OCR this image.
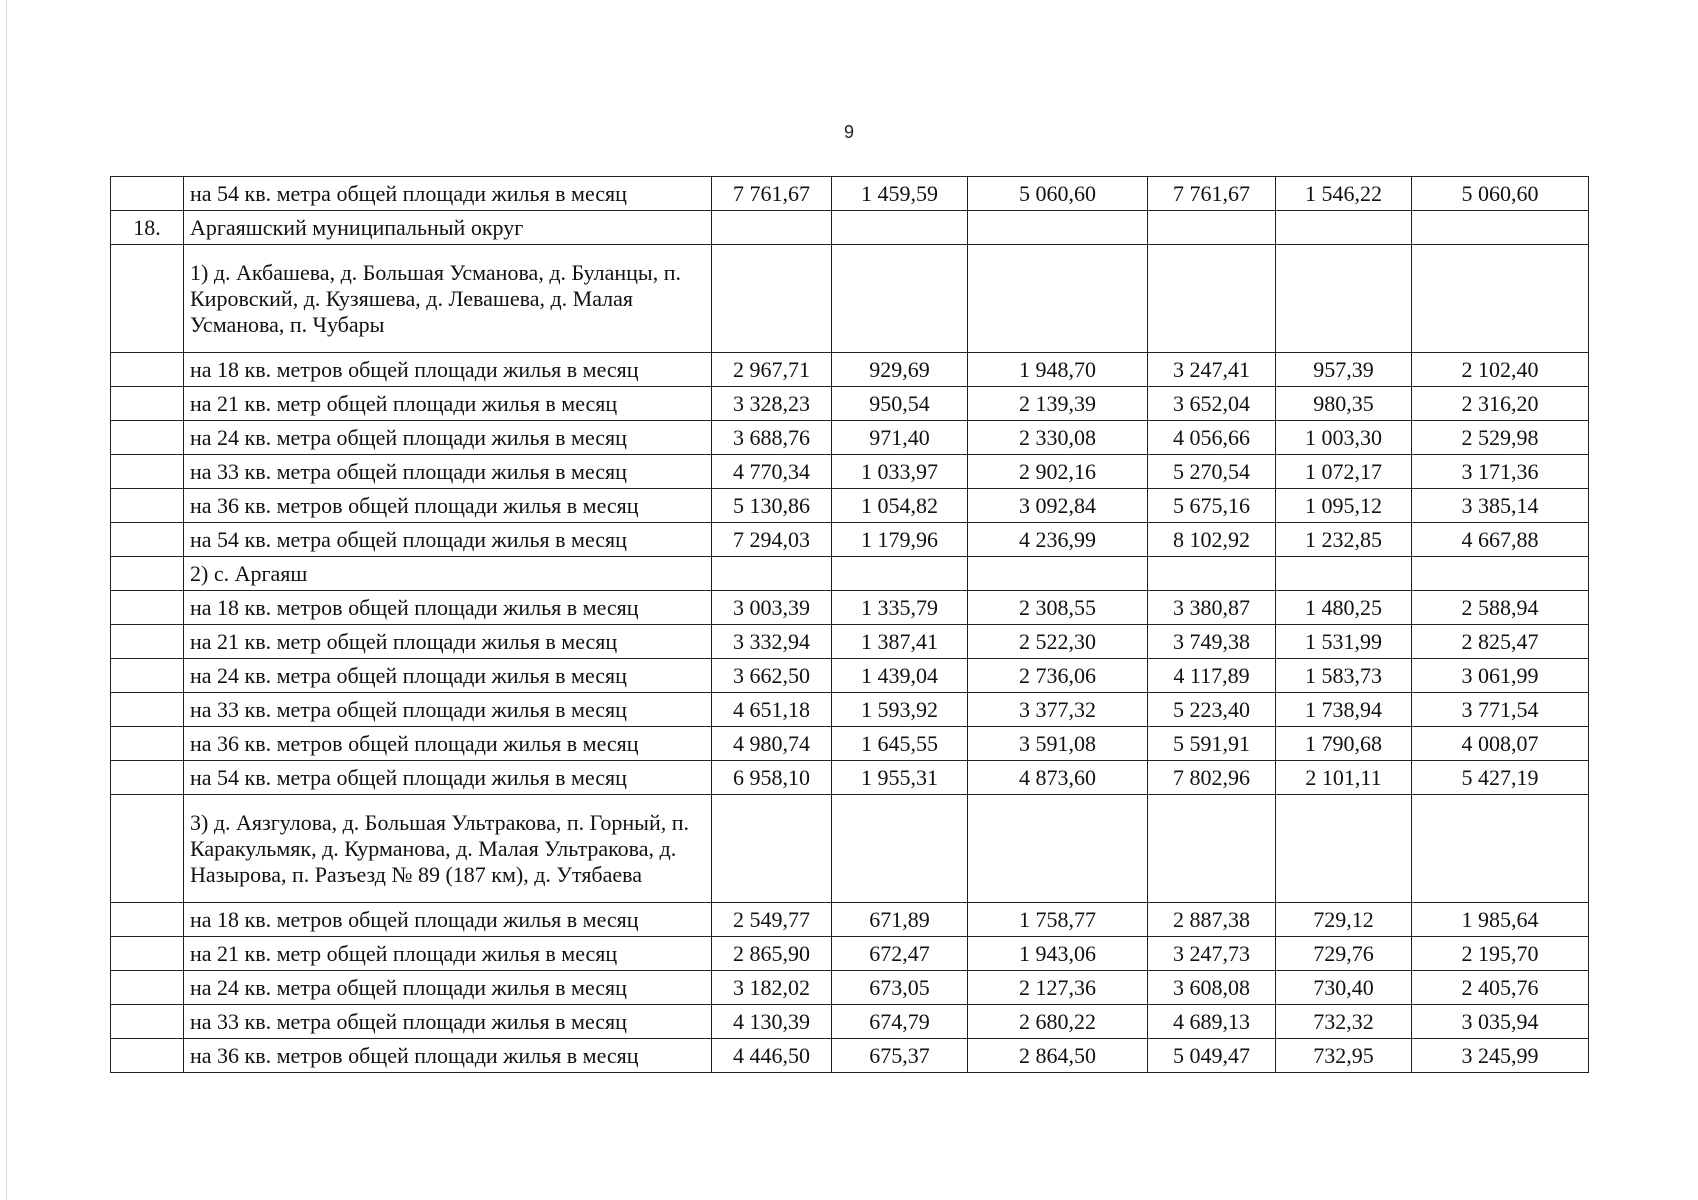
9
	на 54 кв. метра общей площади жилья в месяц	7 761,67	1 459,59	5 060,60	7 761,67	1 546,22	5 060,60
18.	Аргаяшский муниципальный округ						
	1) д. Акбашева, д. Большая Усманова, д. Буланцы, п. Кировский, д. Кузяшева, д. Левашева, д. Малая Усманова, п. Чубары						
	на 18 кв. метров общей площади жилья в месяц	2 967,71	929,69	1 948,70	3 247,41	957,39	2 102,40
	на 21 кв. метр общей площади жилья в месяц	3 328,23	950,54	2 139,39	3 652,04	980,35	2 316,20
	на 24 кв. метра общей площади жилья в месяц	3 688,76	971,40	2 330,08	4 056,66	1 003,30	2 529,98
	на 33 кв. метра общей площади жилья в месяц	4 770,34	1 033,97	2 902,16	5 270,54	1 072,17	3 171,36
	на 36 кв. метров общей площади жилья в месяц	5 130,86	1 054,82	3 092,84	5 675,16	1 095,12	3 385,14
	на 54 кв. метра общей площади жилья в месяц	7 294,03	1 179,96	4 236,99	8 102,92	1 232,85	4 667,88
	2) с. Аргаяш						
	на 18 кв. метров общей площади жилья в месяц	3 003,39	1 335,79	2 308,55	3 380,87	1 480,25	2 588,94
	на 21 кв. метр общей площади жилья в месяц	3 332,94	1 387,41	2 522,30	3 749,38	1 531,99	2 825,47
	на 24 кв. метра общей площади жилья в месяц	3 662,50	1 439,04	2 736,06	4 117,89	1 583,73	3 061,99
	на 33 кв. метра общей площади жилья в месяц	4 651,18	1 593,92	3 377,32	5 223,40	1 738,94	3 771,54
	на 36 кв. метров общей площади жилья в месяц	4 980,74	1 645,55	3 591,08	5 591,91	1 790,68	4 008,07
	на 54 кв. метра общей площади жилья в месяц	6 958,10	1 955,31	4 873,60	7 802,96	2 101,11	5 427,19
	3) д. Аязгулова, д. Большая Ультракова, п. Горный, п. Каракульмяк, д. Курманова, д. Малая Ультракова, д. Назырова, п. Разъезд № 89 (187 км), д. Утябаева						
	на 18 кв. метров общей площади жилья в месяц	2 549,77	671,89	1 758,77	2 887,38	729,12	1 985,64
	на 21 кв. метр общей площади жилья в месяц	2 865,90	672,47	1 943,06	3 247,73	729,76	2 195,70
	на 24 кв. метра общей площади жилья в месяц	3 182,02	673,05	2 127,36	3 608,08	730,40	2 405,76
	на 33 кв. метра общей площади жилья в месяц	4 130,39	674,79	2 680,22	4 689,13	732,32	3 035,94
	на 36 кв. метров общей площади жилья в месяц	4 446,50	675,37	2 864,50	5 049,47	732,95	3 245,99
